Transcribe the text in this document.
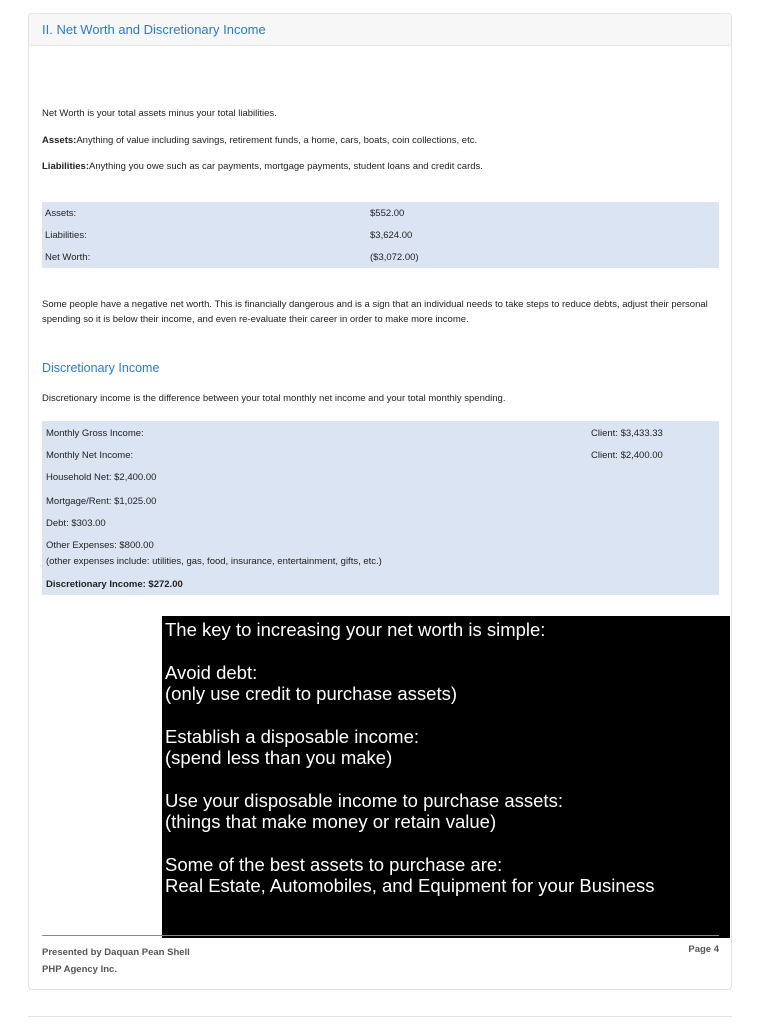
II. Net Worth and Discretionary Income

Net Worth is your total assets minus your total liabilities.

Assets:Anything of value including savings, retirement funds, a home, cars, boats, coin collections, etc.

Liabilities:Anything you owe such as car payments, mortgage payments, student loans and credit cards.

Assets:	$552.00
Liabilities:	$3,624.00
Net Worth:	($3,072.00)

Some people have a negative net worth. This is financially dangerous and is a sign that an individual needs to take steps to reduce debts, adjust their personal spending so it is below their income, and even re-evaluate their career in order to make more income.

Discretionary Income

Discretionary income is the difference between your total monthly net income and your total monthly spending.

Monthly Gross Income:	Client: $3,433.33
Monthly Net Income:	Client: $2,400.00
Household Net: $2,400.00
Mortgage/Rent: $1,025.00
Debt: $303.00
Other Expenses: $800.00
(other expenses include: utilities, gas, food, insurance, entertainment, gifts, etc.)
Discretionary Income: $272.00
The key to increasing your net worth is simple:
Avoid debt:
(only use credit to purchase assets)
Establish a disposable income:
(spend less than you make)
Use your disposable income to purchase assets:
(things that make money or retain value)
Some of the best assets to purchase are:
Real Estate, Automobiles, and Equipment for your Business
Presented by Daquan Pean Shell
PHP Agency Inc.
Page 4
